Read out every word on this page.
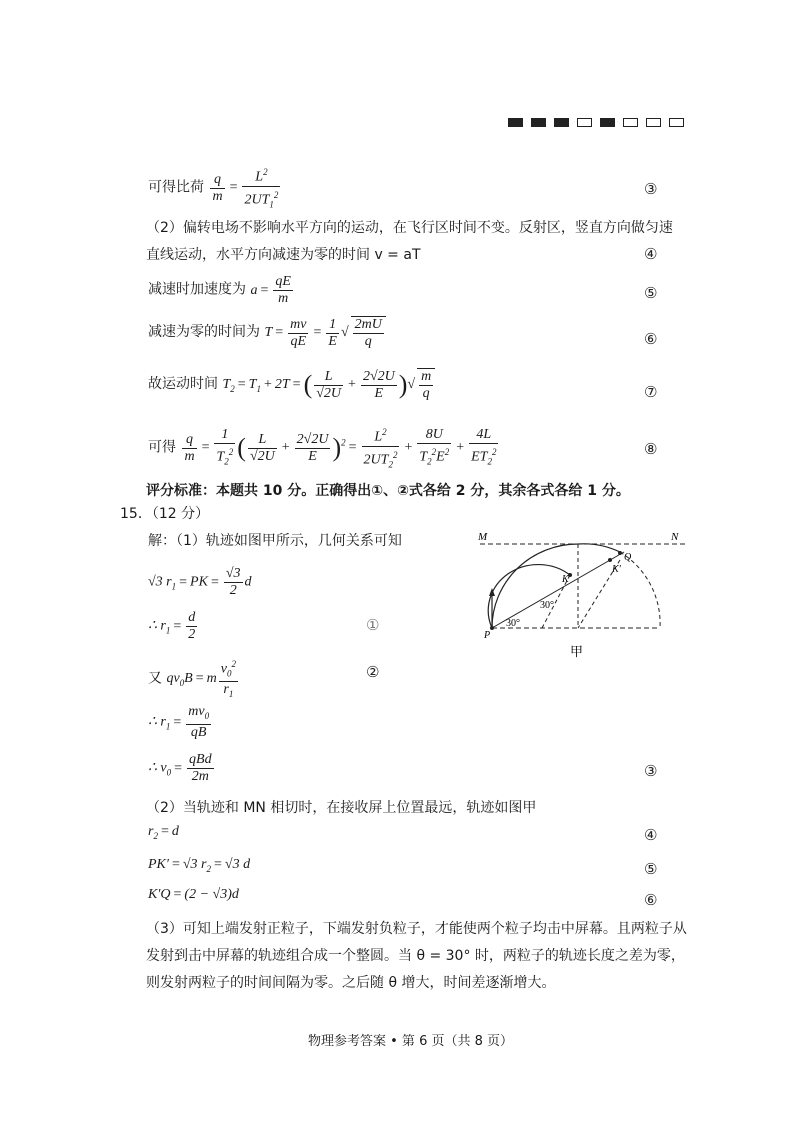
可得比荷 $\frac{q}{m} = \frac{L^2}{2UT_1^2}$	③
（2）偏转电场不影响水平方向的运动，在飞行区时间不变。反射区，竖直方向做匀速直线运动，水平方向减速为零的时间 v = aT	④
减速时加速度为 $a = \frac{qE}{m}$	⑤
减速为零的时间为 $T = \frac{mv}{qE} = \frac{1}{E}$ √ $\frac{2mU}{q}$	⑥
故运动时间 $T_2 = T_1 + 2T$ = ( $\frac{L}{√2U} + \frac{2√2U}{E}$ )√ $\frac{m}{q}$	⑦
可得 $\frac{q}{m} = \frac{1}{T_2^2}$ ( $\frac{L}{√2U} + \frac{2√2U}{E} )^2 = \frac{L^2}{2UT_2^2} + \frac{8U}{T_2^2E^2} + \frac{4L}{ET_2^2}$	⑧
评分标准：本题共 10 分。正确得出①、②式各给 2 分，其余各式各给 1 分。
15．（12 分）
解：（1）轨迹如图甲所示，几何关系可知
√3 $r_1$ = PK = $\frac{√3}{2}$ d
∴ $r_1 = \frac{d}{2}$	①
又 $qv_0B = m \frac{v_0^2}{r_1}$	②
∴ $r_1 = \frac{mv_0}{qB}$
∴ $v_0 = \frac{\text{qBd}}{2m}$	③
（2）当轨迹和 MN 相切时，在接收屏上位置最远，轨迹如图甲
$r_2 = d$	④
PK′ = √3 $r_2 = √3$ d	⑤
K′Q = (2 − √3)d	⑥
（3）可知上端发射正粒子，下端发射负粒子，才能使两个粒子均击中屏幕。且两粒子从发射到击中屏幕的轨迹组合成一个整圆。当 θ = 30° 时，两粒子的轨迹长度之差为零，则发射两粒子的时间间隔为零。之后随 θ 增大，时间差逐渐增大。
M	N
K
Q
K′
P
30°
30°
甲
物理参考答案 • 第 6 页（共 8 页）
